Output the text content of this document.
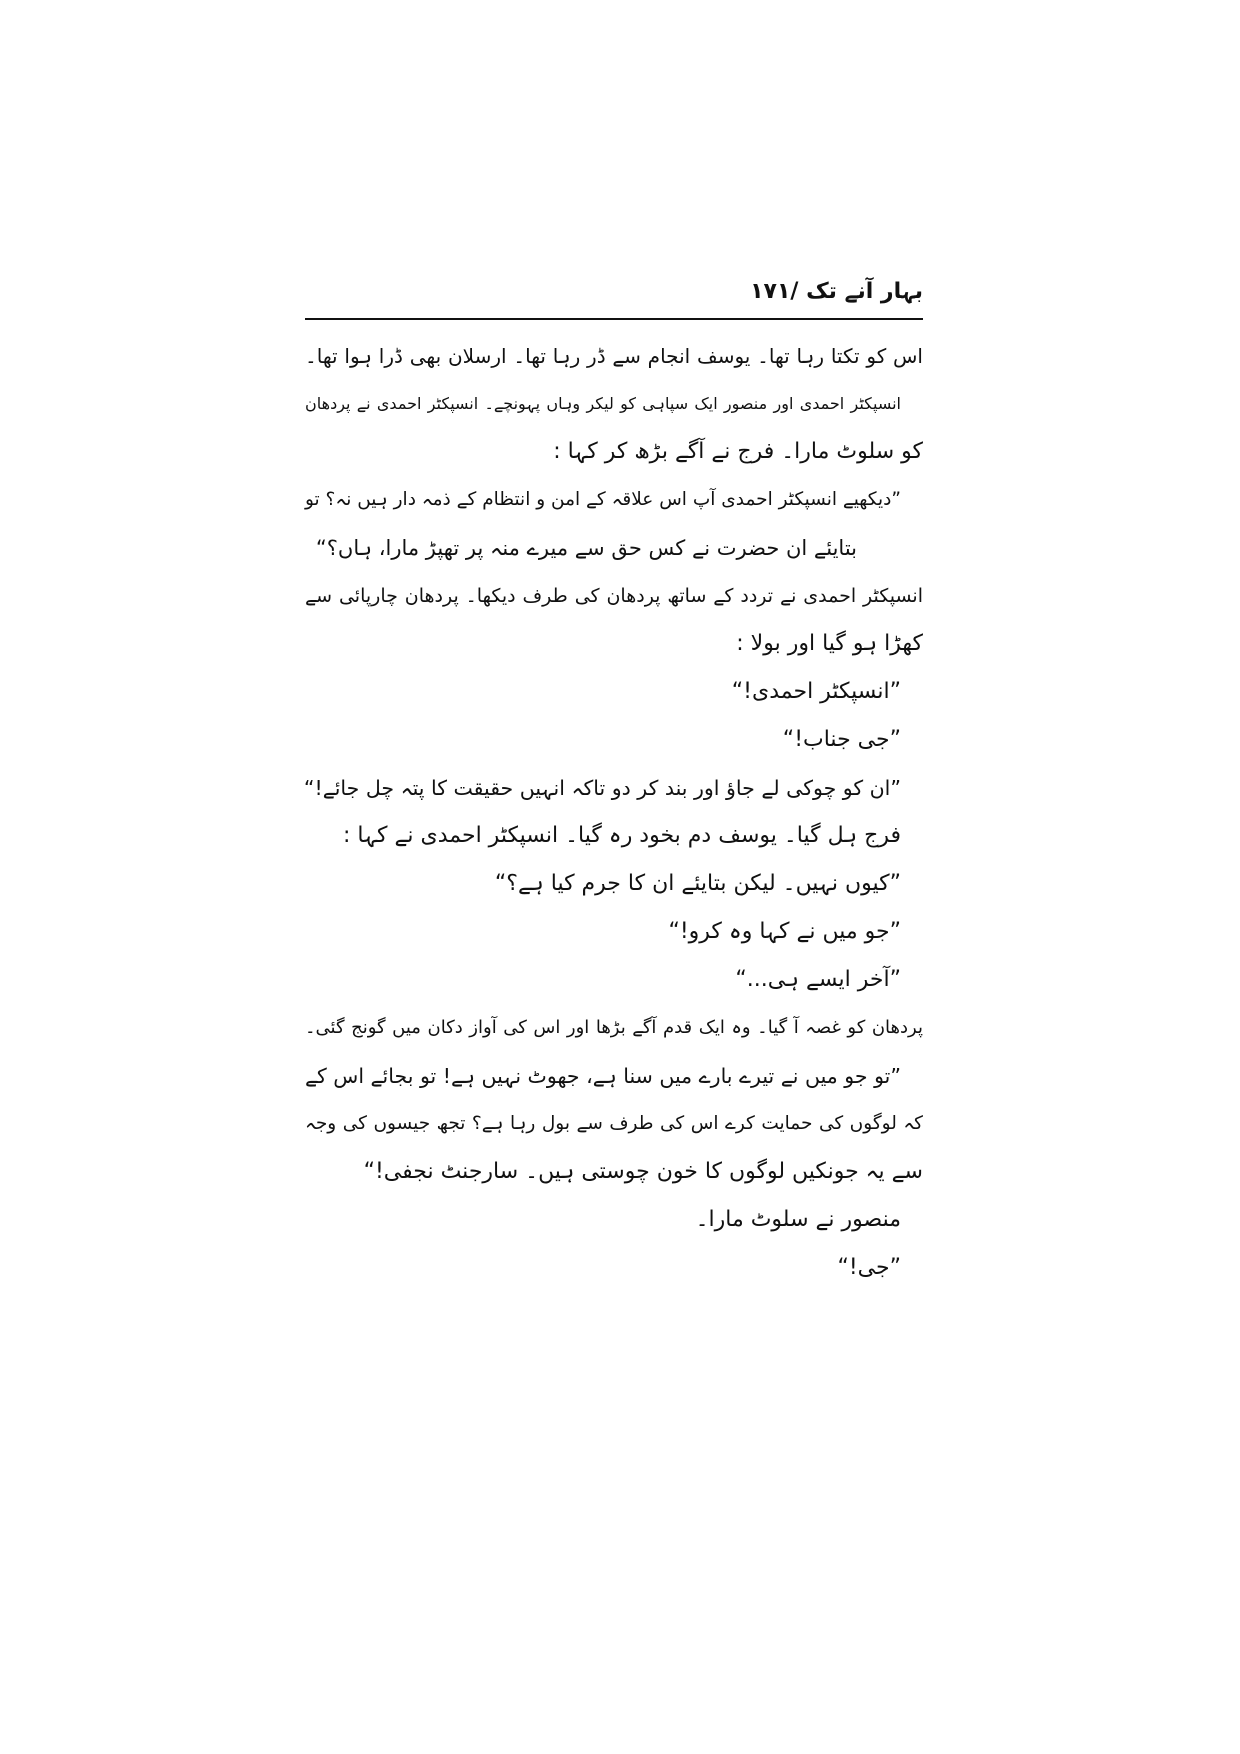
بہار آنے تک /۱۷۱
اس کو تکتا رہا تھا۔ یوسف انجام سے ڈر رہا تھا۔ ارسلان بھی ڈرا ہوا تھا۔
انسپکٹر احمدی اور منصور ایک سپاہی کو لیکر وہاں پہونچے۔ انسپکٹر احمدی نے پردھان
کو سلوٹ مارا۔ فرج نے آگے بڑھ کر کہا :
”دیکھیے انسپکٹر احمدی آپ اس علاقہ کے امن و انتظام کے ذمہ دار ہیں نہ؟ تو
بتایئے ان حضرت نے کس حق سے میرے منہ پر تھپڑ مارا، ہاں؟“
انسپکٹر احمدی نے تردد کے ساتھ پردھان کی طرف دیکھا۔ پردھان چارپائی سے
کھڑا ہو گیا اور بولا :
”انسپکٹر احمدی!“
”جی جناب!“
”ان کو چوکی لے جاؤ اور بند کر دو تاکہ انہیں حقیقت کا پتہ چل جائے!“
فرج ہل گیا۔ یوسف دم بخود رہ گیا۔ انسپکٹر احمدی نے کہا :
”کیوں نہیں۔ لیکن بتایئے ان کا جرم کیا ہے؟“
”جو میں نے کہا وہ کرو!“
”آخر ایسے ہی...“
پردھان کو غصہ آ گیا۔ وہ ایک قدم آگے بڑھا اور اس کی آواز دکان میں گونج گئی۔
”تو جو میں نے تیرے بارے میں سنا ہے، جھوٹ نہیں ہے! تو بجائے اس کے
کہ لوگوں کی حمایت کرے اس کی طرف سے بول رہا ہے؟ تجھ جیسوں کی وجہ
سے یہ جونکیں لوگوں کا خون چوستی ہیں۔ سارجنٹ نجفی!“
منصور نے سلوٹ مارا۔
”جی!“
